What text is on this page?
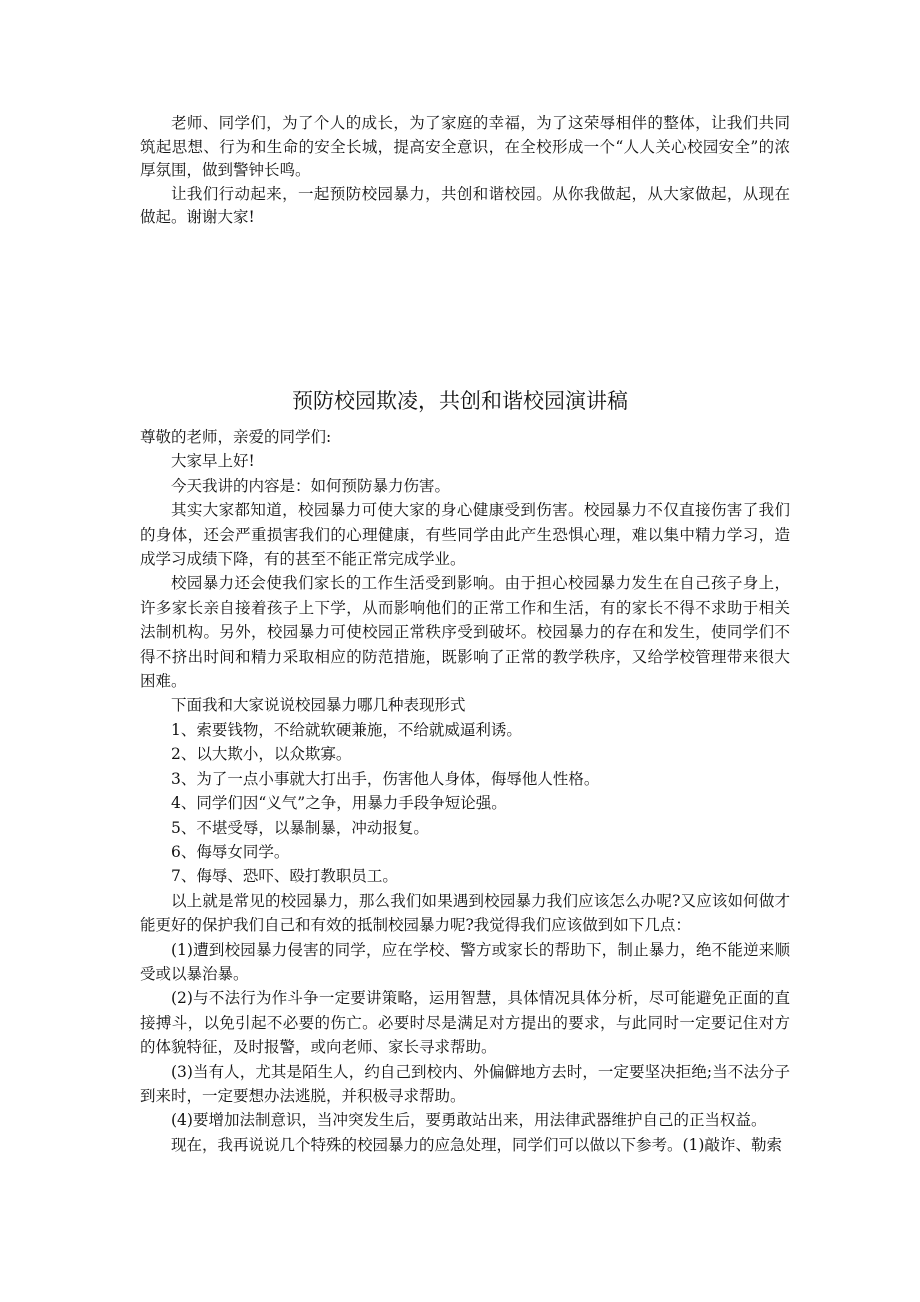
老师、同学们，为了个人的成长，为了家庭的幸福，为了这荣辱相伴的整体，让我们共同筑起思想、行为和生命的安全长城，提高安全意识，在全校形成一个“人人关心校园安全”的浓厚氛围，做到警钟长鸣。

让我们行动起来，一起预防校园暴力，共创和谐校园。从你我做起，从大家做起，从现在做起。谢谢大家!

预防校园欺凌，共创和谐校园演讲稿

尊敬的老师，亲爱的同学们:

大家早上好!

今天我讲的内容是：如何预防暴力伤害。

其实大家都知道，校园暴力可使大家的身心健康受到伤害。校园暴力不仅直接伤害了我们的身体，还会严重损害我们的心理健康，有些同学由此产生恐惧心理，难以集中精力学习，造成学习成绩下降，有的甚至不能正常完成学业。

校园暴力还会使我们家长的工作生活受到影响。由于担心校园暴力发生在自己孩子身上，许多家长亲自接着孩子上下学，从而影响他们的正常工作和生活，有的家长不得不求助于相关法制机构。另外，校园暴力可使校园正常秩序受到破坏。校园暴力的存在和发生，使同学们不得不挤出时间和精力采取相应的防范措施，既影响了正常的教学秩序，又给学校管理带来很大困难。

下面我和大家说说校园暴力哪几种表现形式

1、索要钱物，不给就软硬兼施，不给就威逼利诱。

2、以大欺小，以众欺寡。

3、为了一点小事就大打出手，伤害他人身体，侮辱他人性格。

4、同学们因“义气”之争，用暴力手段争短论强。

5、不堪受辱，以暴制暴，冲动报复。

6、侮辱女同学。

7、侮辱、恐吓、殴打教职员工。

以上就是常见的校园暴力，那么我们如果遇到校园暴力我们应该怎么办呢?又应该如何做才能更好的保护我们自己和有效的抵制校园暴力呢?我觉得我们应该做到如下几点：

(1)遭到校园暴力侵害的同学，应在学校、警方或家长的帮助下，制止暴力，绝不能逆来顺受或以暴治暴。

(2)与不法行为作斗争一定要讲策略，运用智慧，具体情况具体分析，尽可能避免正面的直接搏斗，以免引起不必要的伤亡。必要时尽是满足对方提出的要求，与此同时一定要记住对方的体貌特征，及时报警，或向老师、家长寻求帮助。

(3)当有人，尤其是陌生人，约自己到校内、外偏僻地方去时，一定要坚决拒绝;当不法分子到来时，一定要想办法逃脱，并积极寻求帮助。

(4)要增加法制意识，当冲突发生后，要勇敢站出来，用法律武器维护自己的正当权益。

现在，我再说说几个特殊的校园暴力的应急处理，同学们可以做以下参考。(1)敲诈、勒索
